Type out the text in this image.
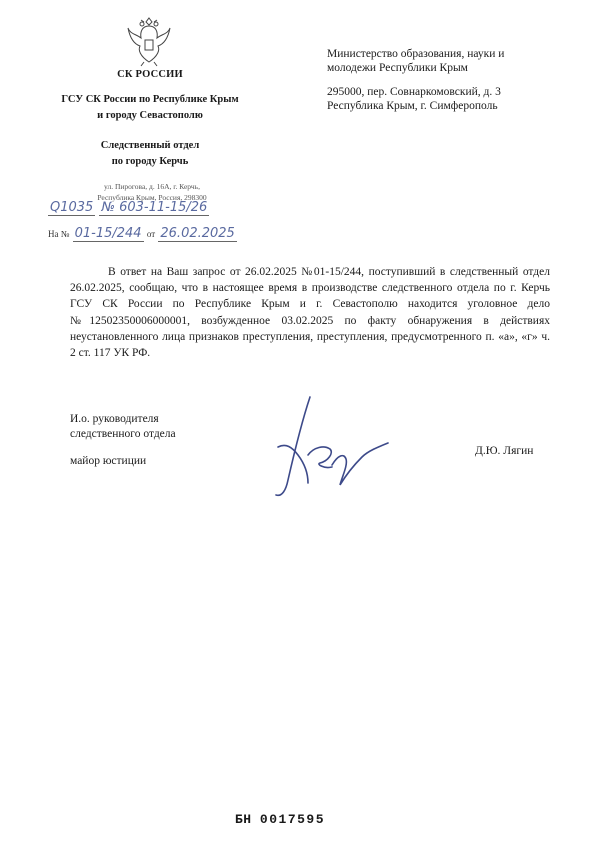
СК РОССИИ
ГСУ СК России по Республике Крым
и городу Севастополю
Следственный отдел
по городу Керчь
ул. Пирогова, д. 16А, г. Керчь,
Республика Крым, Россия, 298300
Q1035 № 603-11-15/26
На № 01-15/244 от 26.02.2025

Министерство образования, науки и
молодежи Республики Крым

295000, пер. Совнаркомовский, д. 3
Республика Крым, г. Симферополь

В ответ на Ваш запрос от 26.02.2025 №01-15/244, поступивший в следственный отдел 26.02.2025, сообщаю, что в настоящее время в производстве следственного отдела по г. Керчь ГСУ СК России по Республике Крым и г. Севастополю находится уголовное дело №12502350006000001, возбужденное 03.02.2025 по факту обнаружения в действиях неустановленного лица признаков преступления, преступления, предусмотренного п. «а», «г» ч. 2 ст. 117 УК РФ.
И.о. руководителя
следственного отдела
майор юстиции
Д.Ю. Лягин
БН 0017595
